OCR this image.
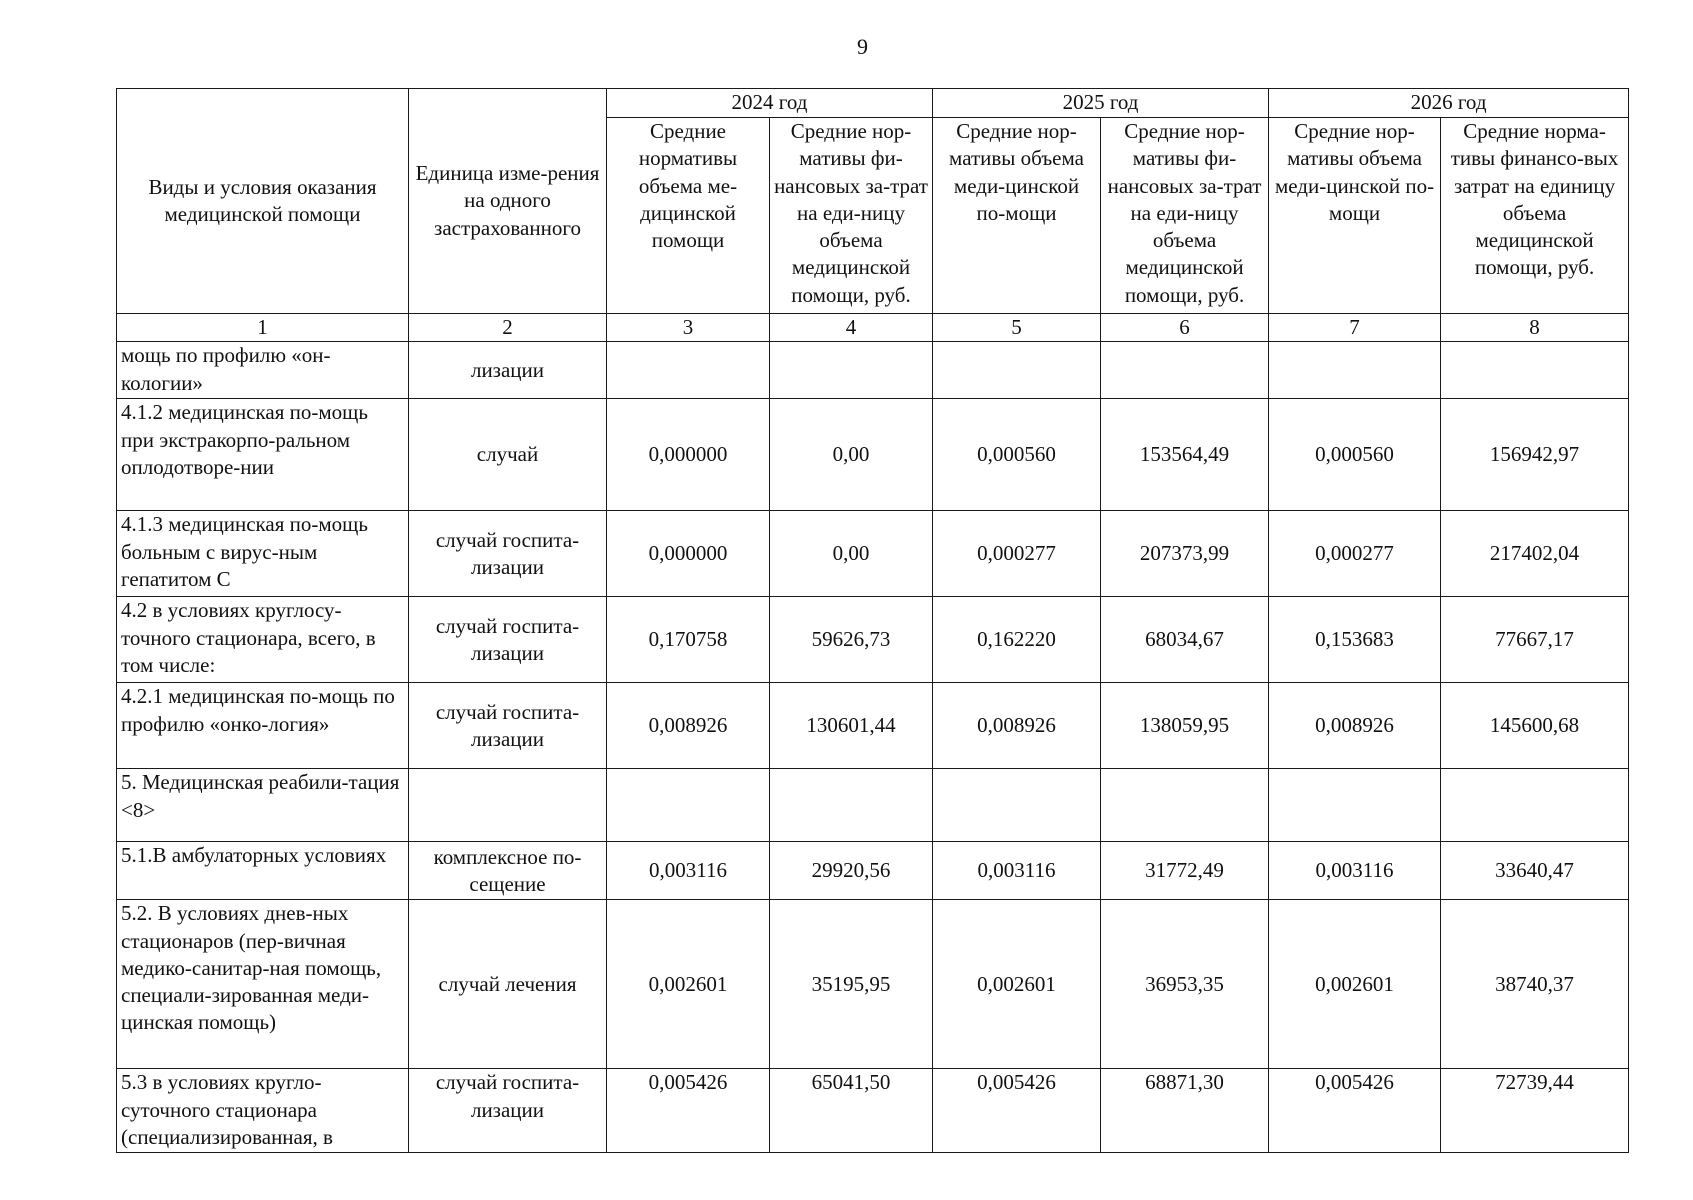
9
Виды и условия оказания медицинской помощи	Единица изме-рения на одного застрахованного	2024 год		2025 год		2026 год	
		Средние нормативы объема ме-дицинской помощи	Средние нор-мативы фи-нансовых за-трат на еди-ницу объема медицинской помощи, руб.	Средние нор-мативы объема меди-цинской по-мощи	Средние нор-мативы фи-нансовых за-трат на еди-ницу объема медицинской помощи, руб.	Средние нор-мативы объема меди-цинской по-мощи	Средние норма-тивы финансо-вых затрат на единицу объема медицинской помощи, руб.
1	2	3	4	5	6	7	8
мощь по профилю «он-кологии»	лизации						
4.1.2 медицинская по-мощь при экстракорпо-ральном оплодотворе-нии	случай	0,000000	0,00	0,000560	153564,49	0,000560	156942,97
4.1.3 медицинская по-мощь больным с вирус-ным гепатитом С	случай госпита-лизации	0,000000	0,00	0,000277	207373,99	0,000277	217402,04
4.2 в условиях круглосу-точного стационара, всего, в том числе:	случай госпита-лизации	0,170758	59626,73	0,162220	68034,67	0,153683	77667,17
4.2.1 медицинская по-мощь по профилю «онко-логия»	случай госпита-лизации	0,008926	130601,44	0,008926	138059,95	0,008926	145600,68
5. Медицинская реабили-тация <8>							
5.1.В амбулаторных условиях	комплексное по-сещение	0,003116	29920,56	0,003116	31772,49	0,003116	33640,47
5.2. В условиях днев-ных стационаров (пер-вичная медико-санитар-ная помощь, специали-зированная меди-цинская помощь)	случай лечения	0,002601	35195,95	0,002601	36953,35	0,002601	38740,37
5.3 в условиях кругло-суточного стационара (специализированная, в	случай госпита-лизации	0,005426	65041,50	0,005426	68871,30	0,005426	72739,44
